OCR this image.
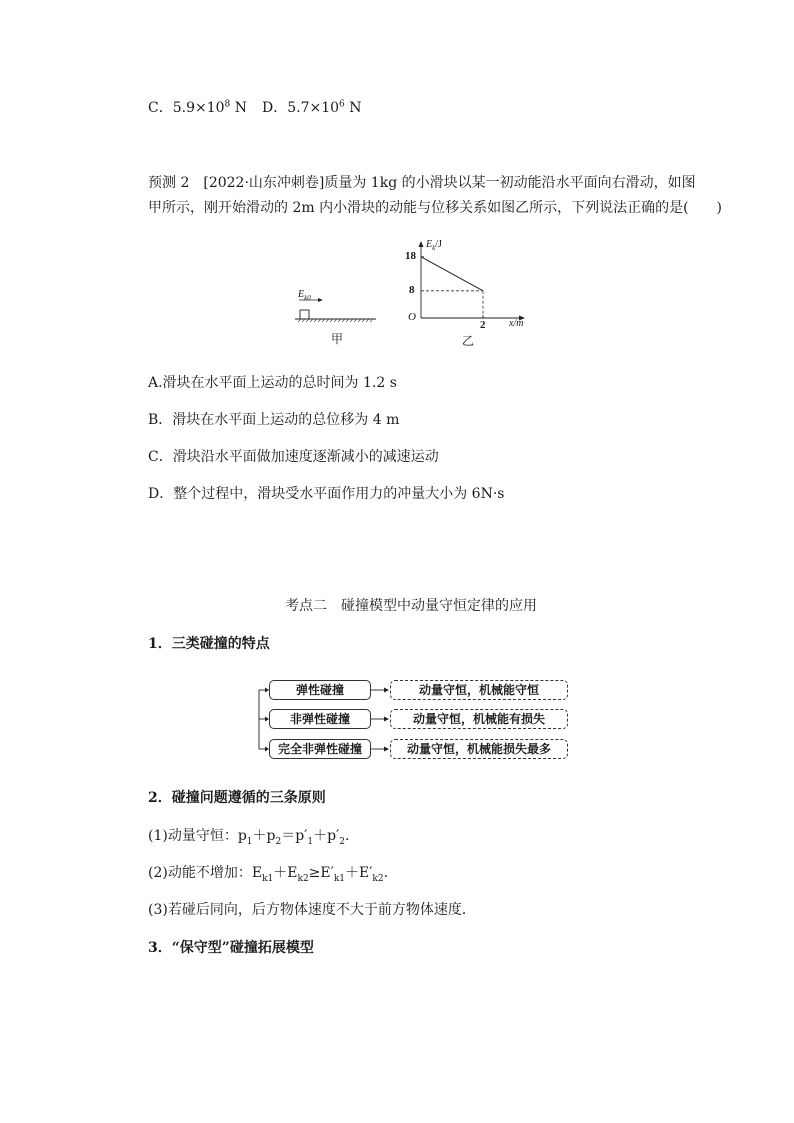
C．$5.9\times 10^8$ N D．$5.7\times 10^6$ N
预测 2　[2022·山东冲刺卷]质量为 1kg 的小滑块以某一初动能沿水平面向右滑动，如图
甲所示，刚开始滑动的 2m 内小滑块的动能与位移关系如图乙所示，下列说法正确的是(　　)
$E_{k0}$
甲
$E_k/J$
18
8
O
2 x/m
乙
A.滑块在水平面上运动的总时间为 1.2 s
B．滑块在水平面上运动的总位移为 4 m
C．滑块沿水平面做加速度逐渐减小的减速运动
D．整个过程中，滑块受水平面作用力的冲量大小为 6N·s
考点二　碰撞模型中动量守恒定律的应用
1．三类碰撞的特点
弹性碰撞
非弹性碰撞
完全非弹性碰撞
动量守恒，机械能守恒
动量守恒，机械能有损失
动量守恒，机械能损失最多
2．碰撞问题遵循的三条原则
(1)动量守恒：$p_1+p_2=p'_1+p'_2$.
(2)动能不增加：$E_{k1}+E_{k2}\ge E'_{k1}+E'_{k2}$.
(3)若碰后同向，后方物体速度不大于前方物体速度．
3．“保守型”碰撞拓展模型
